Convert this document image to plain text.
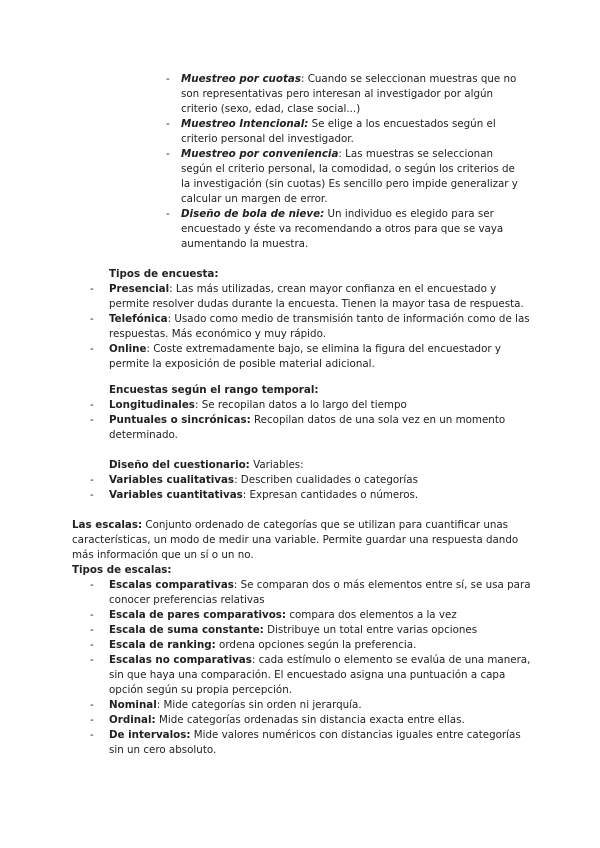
- Muestreo por cuotas: Cuando se seleccionan muestras que no son representativas pero interesan al investigador por algún criterio (sexo, edad, clase social...)
- Muestreo Intencional: Se elige a los encuestados según el criterio personal del investigador.
- Muestreo por conveniencia: Las muestras se seleccionan según el criterio personal, la comodidad, o según los criterios de la investigación (sin cuotas) Es sencillo pero impide generalizar y calcular un margen de error.
- Diseño de bola de nieve: Un individuo es elegido para ser encuestado y éste va recomendando a otros para que se vaya aumentando la muestra.
Tipos de encuesta:
- Presencial: Las más utilizadas, crean mayor confianza en el encuestado y permite resolver dudas durante la encuesta. Tienen la mayor tasa de respuesta.
- Telefónica: Usado como medio de transmisión tanto de información como de las respuestas. Más económico y muy rápido.
- Online: Coste extremadamente bajo, se elimina la figura del encuestador y permite la exposición de posible material adicional.
Encuestas según el rango temporal:
- Longitudinales: Se recopilan datos a lo largo del tiempo
- Puntuales o sincrónicas: Recopilan datos de una sola vez en un momento determinado.
Diseño del cuestionario: Variables:
- Variables cualitativas: Describen cualidades o categorías
- Variables cuantitativas: Expresan cantidades o números.
Las escalas: Conjunto ordenado de categorías que se utilizan para cuantificar unas características, un modo de medir una variable. Permite guardar una respuesta dando más información que un sí o un no.
Tipos de escalas:
- Escalas comparativas: Se comparan dos o más elementos entre sí, se usa para conocer preferencias relativas
- Escala de pares comparativos: compara dos elementos a la vez
- Escala de suma constante: Distribuye un total entre varias opciones
- Escala de ranking: ordena opciones según la preferencia.
- Escalas no comparativas: cada estímulo o elemento se evalúa de una manera, sin que haya una comparación. El encuestado asigna una puntuación a capa opción según su propia percepción.
- Nominal: Mide categorías sin orden ni jerarquía.
- Ordinal: Mide categorías ordenadas sin distancia exacta entre ellas.
- De intervalos: Mide valores numéricos con distancias iguales entre categorías sin un cero absoluto.
